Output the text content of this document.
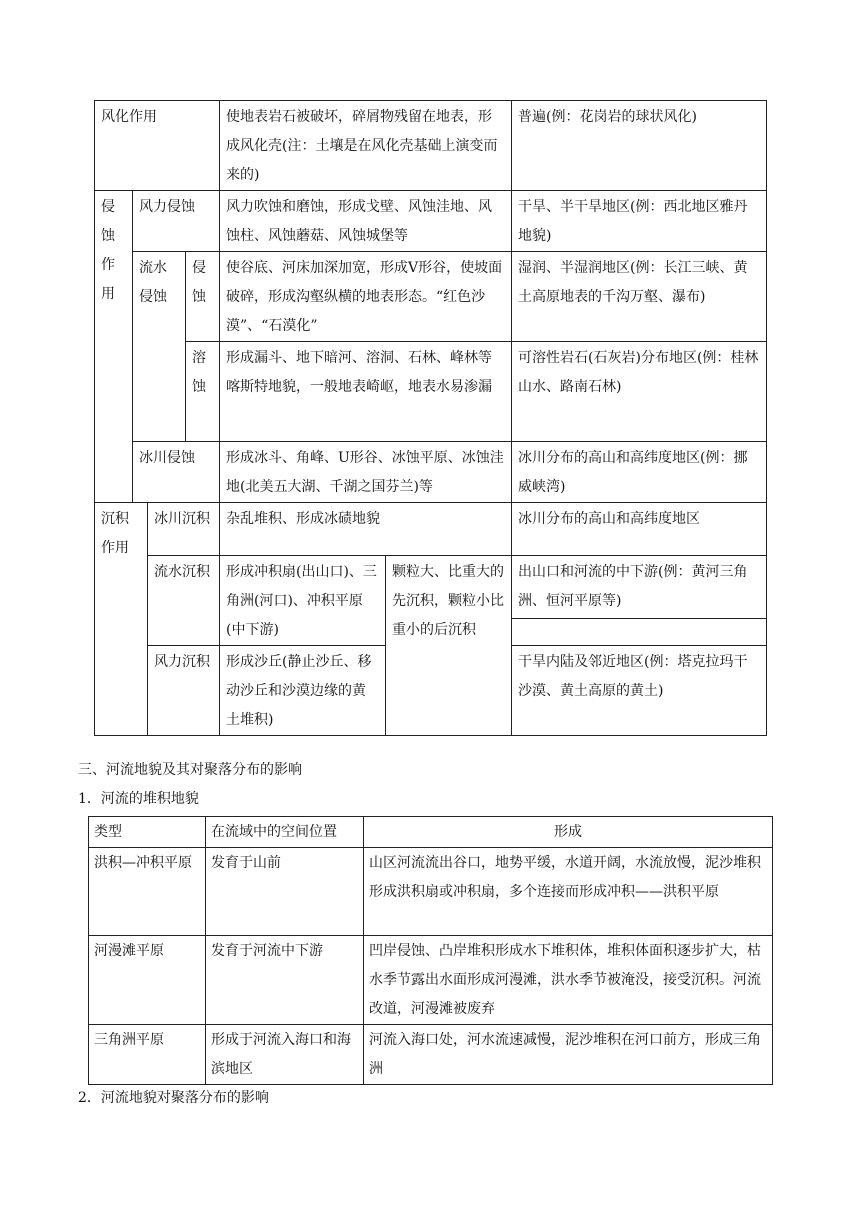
风化作用				使地表岩石被破坏，碎屑物残留在地表，形成风化壳(注：土壤是在风化壳基础上演变而来的)		普遍(例：花岗岩的球状风化)
侵蚀作用	风力侵蚀			风力吹蚀和磨蚀，形成戈壁、风蚀洼地、风蚀柱、风蚀蘑菇、风蚀城堡等		干旱、半干旱地区(例：西北地区雅丹地貌)
	流水侵蚀		侵蚀	使谷底、河床加深加宽，形成V形谷，使坡面破碎，形成沟壑纵横的地表形态。“红色沙漠”、“石漠化”		湿润、半湿润地区(例：长江三峡、黄土高原地表的千沟万壑、瀑布)
			溶蚀	形成漏斗、地下暗河、溶洞、石林、峰林等喀斯特地貌，一般地表崎岖，地表水易渗漏		可溶性岩石(石灰岩)分布地区(例：桂林山水、路南石林)
	冰川侵蚀			形成冰斗、角峰、U形谷、冰蚀平原、冰蚀洼地(北美五大湖、千湖之国芬兰)等		冰川分布的高山和高纬度地区(例：挪威峡湾)
沉积作用		冰川沉积		杂乱堆积、形成冰碛地貌		冰川分布的高山和高纬度地区
		流水沉积		形成冲积扇(出山口)、三角洲(河口)、冲积平原(中下游)	颗粒大、比重大的先沉积，颗粒小比重小的后沉积	出山口和河流的中下游(例：黄河三角洲、恒河平原等)

		风力沉积		形成沙丘(静止沙丘、移动沙丘和沙漠边缘的黄土堆积)		干旱内陆及邻近地区(例：塔克拉玛干沙漠、黄土高原的黄土)
三、河流地貌及其对聚落分布的影响
1．河流的堆积地貌
类型	在流域中的空间位置	形成
洪积—冲积平原	发育于山前	山区河流流出谷口，地势平缓，水道开阔，水流放慢，泥沙堆积形成洪积扇或冲积扇，多个连接而形成冲积——洪积平原
河漫滩平原	发育于河流中下游	凹岸侵蚀、凸岸堆积形成水下堆积体，堆积体面积逐步扩大，枯水季节露出水面形成河漫滩，洪水季节被淹没，接受沉积。河流改道，河漫滩被废弃
三角洲平原	形成于河流入海口和海滨地区	河流入海口处，河水流速减慢，泥沙堆积在河口前方，形成三角洲
2．河流地貌对聚落分布的影响
